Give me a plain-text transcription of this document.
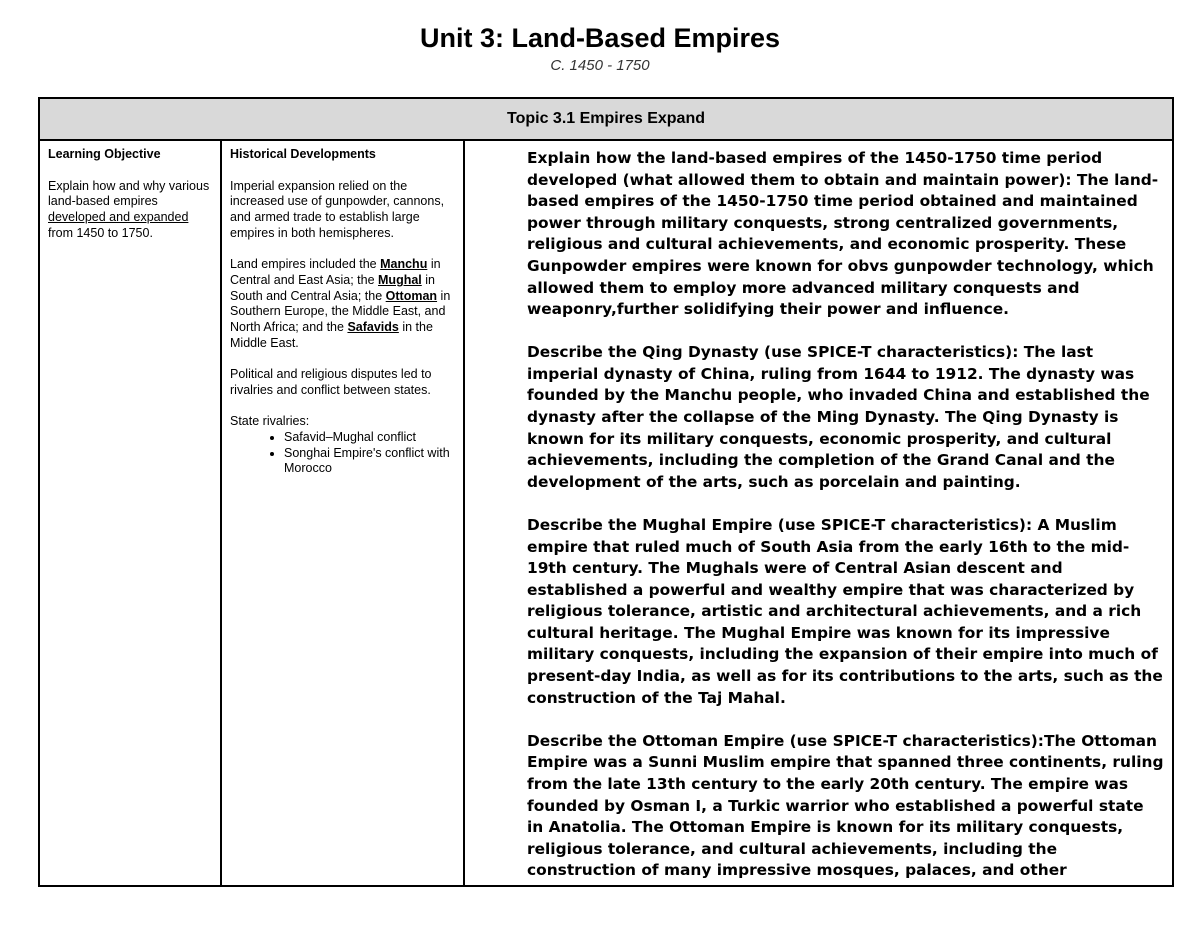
Unit 3: Land-Based Empires
C. 1450 - 1750
Topic 3.1 Empires Expand
Learning Objective

Explain how and why various land-based empires developed and expanded from 1450 to 1750.

Historical Developments

Imperial expansion relied on the increased use of gunpowder, cannons, and armed trade to establish large empires in both hemispheres.

Land empires included the Manchu in Central and East Asia; the Mughal in South and Central Asia; the Ottoman in Southern Europe, the Middle East, and North Africa; and the Safavids in the Middle East.

Political and religious disputes led to rivalries and conflict between states.

State rivalries:
• Safavid–Mughal conflict
• Songhai Empire's conflict with Morocco

Explain how the land-based empires of the 1450-1750 time period developed (what allowed them to obtain and maintain power): The land-based empires of the 1450-1750 time period obtained and maintained power through military conquests, strong centralized governments, religious and cultural achievements, and economic prosperity. These Gunpowder empires were known for obvs gunpowder technology, which allowed them to employ more advanced military conquests and weaponry,further solidifying their power and influence.

Describe the Qing Dynasty (use SPICE-T characteristics): The last imperial dynasty of China, ruling from 1644 to 1912. The dynasty was founded by the Manchu people, who invaded China and established the dynasty after the collapse of the Ming Dynasty. The Qing Dynasty is known for its military conquests, economic prosperity, and cultural achievements, including the completion of the Grand Canal and the development of the arts, such as porcelain and painting.

Describe the Mughal Empire (use SPICE-T characteristics): A Muslim empire that ruled much of South Asia from the early 16th to the mid-19th century. The Mughals were of Central Asian descent and established a powerful and wealthy empire that was characterized by religious tolerance, artistic and architectural achievements, and a rich cultural heritage. The Mughal Empire was known for its impressive military conquests, including the expansion of their empire into much of present-day India, as well as for its contributions to the arts, such as the construction of the Taj Mahal.

Describe the Ottoman Empire (use SPICE-T characteristics):The Ottoman Empire was a Sunni Muslim empire that spanned three continents, ruling from the late 13th century to the early 20th century. The empire was founded by Osman I, a Turkic warrior who established a powerful state in Anatolia. The Ottoman Empire is known for its military conquests, religious tolerance, and cultural achievements, including the construction of many impressive mosques, palaces, and other
